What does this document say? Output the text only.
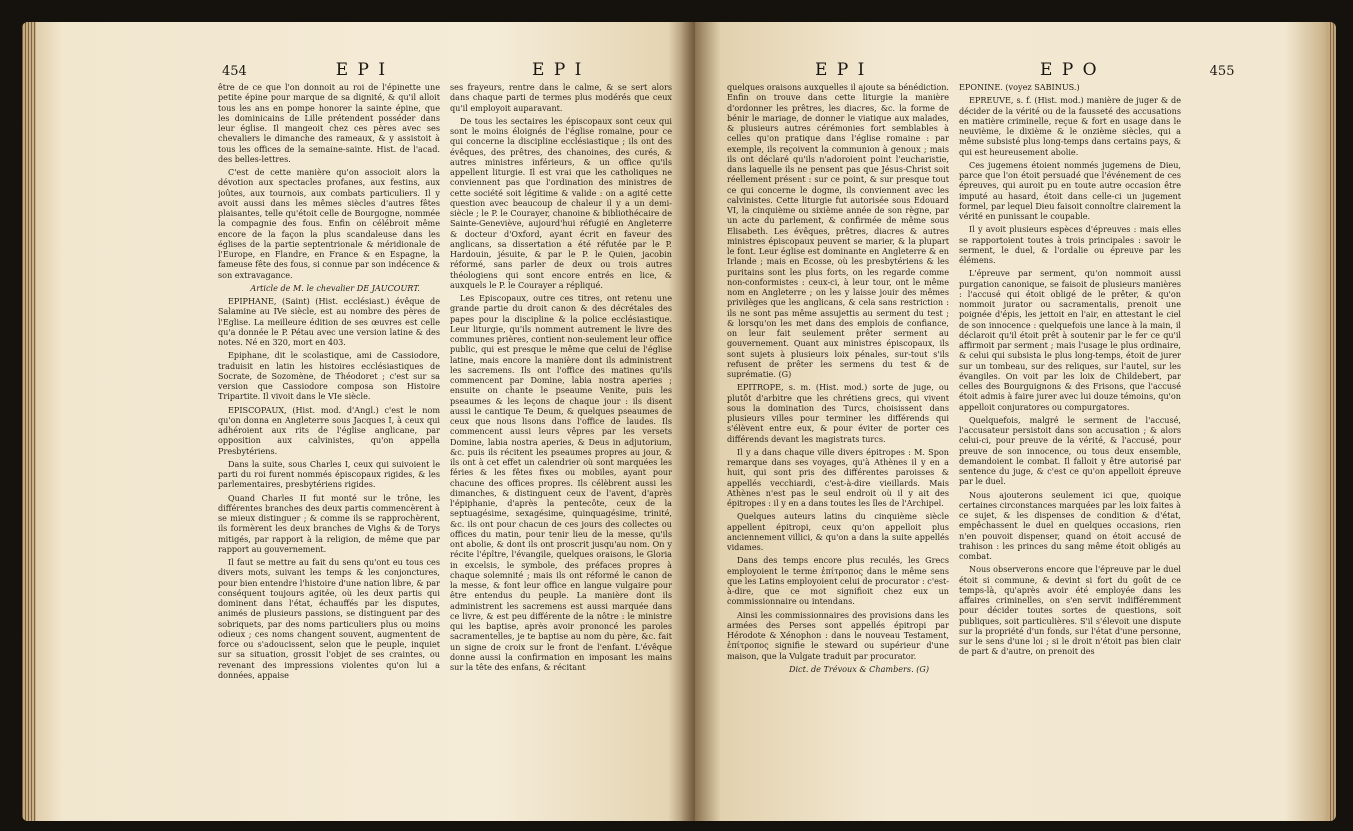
454	E P I	E P I

être de ce que l'on donnoit au roi de l'épinette une petite épine pour marque de sa dignité, & qu'il alloit tous les ans en pompe honorer la sainte épine, que les dominicains de Lille prétendent posséder dans leur église. Il mangeoit chez ces pères avec ses chevaliers le dimanche des rameaux, & y assistoit à tous les offices de la semaine-sainte. Hist. de l'acad. des belles-lettres.

C'est de cette manière qu'on associoit alors la dévotion aux spectacles profanes, aux festins, aux joûtes, aux tournois, aux combats particuliers. Il y avoit aussi dans les mêmes siècles d'autres fêtes plaisantes, telle qu'étoit celle de Bourgogne, nommée la compagnie des fous. Enfin on célébroit même encore de la façon la plus scandaleuse dans les églises de la partie septentrionale & méridionale de l'Europe, en Flandre, en France & en Espagne, la fameuse fête des fous, si connue par son indécence & son extravagance.

Article de M. le chevalier DE JAUCOURT.

EPIPHANE, (Saint) (Hist. ecclésiast.) évêque de Salamine au IVe siècle, est au nombre des pères de l'Eglise. La meilleure édition de ses œuvres est celle qu'a donnée le P. Pétau avec une version latine & des notes. Né en 320, mort en 403.

Epiphane, dit le scolastique, ami de Cassiodore, traduisit en latin les histoires ecclésiastiques de Socrate, de Sozomène, de Théodoret ; c'est sur sa version que Cassiodore composa son Histoire Tripartite. Il vivoit dans le VIe siècle.

EPISCOPAUX, (Hist. mod. d'Angl.) c'est le nom qu'on donna en Angleterre sous Jacques I, à ceux qui adhéroient aux rits de l'église anglicane, par opposition aux calvinistes, qu'on appella Presbytériens.

Dans la suite, sous Charles I, ceux qui suivoient le parti du roi furent nommés épiscopaux rigides, & les parlementaires, presbytériens rigides.

Quand Charles II fut monté sur le trône, les différentes branches des deux partis commencèrent à se mieux distinguer ; & comme ils se rapprochèrent, ils formèrent les deux branches de Vighs & de Torys mitigés, par rapport à la religion, de même que par rapport au gouvernement.

Il faut se mettre au fait du sens qu'ont eu tous ces divers mots, suivant les temps & les conjonctures, pour bien entendre l'histoire d'une nation libre, & par conséquent toujours agitée, où les deux partis qui dominent dans l'état, échauffés par les disputes, animés de plusieurs passions, se distinguent par des sobriquets, par des noms particuliers plus ou moins odieux ; ces noms changent souvent, augmentent de force ou s'adoucissent, selon que le peuple, inquiet sur sa situation, grossit l'objet de ses craintes, ou revenant des impressions violentes qu'on lui a données, appaise

ses frayeurs, rentre dans le calme, & se sert alors dans chaque parti de termes plus modérés que ceux qu'il employoit auparavant.

De tous les sectaires les épiscopaux sont ceux qui sont le moins éloignés de l'église romaine, pour ce qui concerne la discipline ecclésiastique ; ils ont des évêques, des prêtres, des chanoines, des curés, & autres ministres inférieurs, & un office qu'ils appellent liturgie. Il est vrai que les catholiques ne conviennent pas que l'ordination des ministres de cette société soit légitime & valide : on a agité cette question avec beaucoup de chaleur il y a un demi-siècle ; le P. le Courayer, chanoine & bibliothécaire de Sainte-Geneviève, aujourd'hui réfugié en Angleterre & docteur d'Oxford, ayant écrit en faveur des anglicans, sa dissertation a été réfutée par le P. Hardouin, jésuite, & par le P. le Quien, jacobin réformé, sans parler de deux ou trois autres théologiens qui sont encore entrés en lice, & auxquels le P. le Courayer a répliqué.

Les Episcopaux, outre ces titres, ont retenu une grande partie du droit canon & des décrétales des papes pour la discipline & la police ecclésiastique. Leur liturgie, qu'ils nomment autrement le livre des communes prières, contient non-seulement leur office public, qui est presque le même que celui de l'église latine, mais encore la manière dont ils administrent les sacremens. Ils ont l'office des matines qu'ils commencent par Domine, labia nostra aperies ; ensuite on chante le pseaume Venite, puis les pseaumes & les leçons de chaque jour : ils disent aussi le cantique Te Deum, & quelques pseaumes de ceux que nous lisons dans l'office de laudes. Ils commencent aussi leurs vêpres par les versets Domine, labia nostra aperies, & Deus in adjutorium, &c. puis ils récitent les pseaumes propres au jour, & ils ont à cet effet un calendrier où sont marquées les féries & les fêtes fixes ou mobiles, ayant pour chacune des offices propres. Ils célèbrent aussi les dimanches, & distinguent ceux de l'avent, d'après l'épiphanie, d'après la pentecôte, ceux de la septuagésime, sexagésime, quinquagésime, trinité, &c. ils ont pour chacun de ces jours des collectes ou offices du matin, pour tenir lieu de la messe, qu'ils ont abolie, & dont ils ont proscrit jusqu'au nom. On y récite l'épître, l'évangile, quelques oraisons, le Gloria in excelsis, le symbole, des préfaces propres à chaque solemnité ; mais ils ont réformé le canon de la messe, & font leur office en langue vulgaire pour être entendus du peuple. La manière dont ils administrent les sacremens est aussi marquée dans ce livre, & est peu différente de la nôtre : le ministre qui les baptise, après avoir prononcé les paroles sacramentelles, je te baptise au nom du père, &c. fait un signe de croix sur le front de l'enfant. L'évêque donne aussi la confirmation en imposant les mains sur la tête des enfans, & récitant

E P I	E P O	455

quelques oraisons auxquelles il ajoute sa bénédiction. Enfin on trouve dans cette liturgie la manière d'ordonner les prêtres, les diacres, &c. la forme de bénir le mariage, de donner le viatique aux malades, & plusieurs autres cérémonies fort semblables à celles qu'on pratique dans l'église romaine : par exemple, ils reçoivent la communion à genoux ; mais ils ont déclaré qu'ils n'adoroient point l'eucharistie, dans laquelle ils ne pensent pas que Jésus-Christ soit réellement présent : sur ce point, & sur presque tout ce qui concerne le dogme, ils conviennent avec les calvinistes. Cette liturgie fut autorisée sous Edouard VI, la cinquième ou sixième année de son règne, par un acte du parlement, & confirmée de même sous Elisabeth. Les évêques, prêtres, diacres & autres ministres épiscopaux peuvent se marier, & la plupart le font. Leur église est dominante en Angleterre & en Irlande ; mais en Ecosse, où les presbytériens & les puritains sont les plus forts, on les regarde comme non-conformistes : ceux-ci, à leur tour, ont le même nom en Angleterre ; on les y laisse jouir des mêmes privilèges que les anglicans, & cela sans restriction : ils ne sont pas même assujettis au serment du test ; & lorsqu'on les met dans des emplois de confiance, on leur fait seulement prêter serment au gouvernement. Quant aux ministres épiscopaux, ils sont sujets à plusieurs loix pénales, sur-tout s'ils refusent de prêter les sermens du test & de suprématie. (G)

EPITROPE, s. m. (Hist. mod.) sorte de juge, ou plutôt d'arbitre que les chrétiens grecs, qui vivent sous la domination des Turcs, choisissent dans plusieurs villes pour terminer les différends qui s'élèvent entre eux, & pour éviter de porter ces différends devant les magistrats turcs.

Il y a dans chaque ville divers épitropes : M. Spon remarque dans ses voyages, qu'à Athènes il y en a huit, qui sont pris des différentes paroisses & appellés vecchiardi, c'est-à-dire vieillards. Mais Athènes n'est pas le seul endroit où il y ait des épitropes : il y en a dans toutes les îles de l'Archipel.

Quelques auteurs latins du cinquième siècle appellent épitropi, ceux qu'on appelloit plus anciennement villici, & qu'on a dans la suite appellés vidames.

Dans des temps encore plus reculés, les Grecs employoient le terme ἐπίτροπος dans le même sens que les Latins employoient celui de procurator : c'est-à-dire, que ce mot signifioit chez eux un commissionnaire ou intendans.

Ainsi les commissionnaires des provisions dans les armées des Perses sont appellés épitropi par Hérodote & Xénophon : dans le nouveau Testament, ἐπίτροπος signifie le steward ou supérieur d'une maison, que la Vulgate traduit par procurator.

Dict. de Trévoux & Chambers. (G)

EPONINE. (voyez SABINUS.)

EPREUVE, s. f. (Hist. mod.) manière de juger & de décider de la vérité ou de la fausseté des accusations en matière criminelle, reçue & fort en usage dans le neuvième, le dixième & le onzième siècles, qui a même subsisté plus long-temps dans certains pays, & qui est heureusement abolie.

Ces jugemens étoient nommés jugemens de Dieu, parce que l'on étoit persuadé que l'événement de ces épreuves, qui auroit pu en toute autre occasion être imputé au hasard, étoit dans celle-ci un jugement formel, par lequel Dieu faisoit connoître clairement la vérité en punissant le coupable.

Il y avoit plusieurs espèces d'épreuves : mais elles se rapportoient toutes à trois principales : savoir le serment, le duel, & l'ordalie ou épreuve par les élémens.

L'épreuve par serment, qu'on nommoit aussi purgation canonique, se faisoit de plusieurs manières : l'accusé qui étoit obligé de le prêter, & qu'on nommoit jurator ou sacramentalis, prenoit une poignée d'épis, les jettoit en l'air, en attestant le ciel de son innocence : quelquefois une lance à la main, il déclaroit qu'il étoit prêt à soutenir par le fer ce qu'il affirmoit par serment ; mais l'usage le plus ordinaire, & celui qui subsista le plus long-temps, étoit de jurer sur un tombeau, sur des reliques, sur l'autel, sur les évangiles. On voit par les loix de Childebert, par celles des Bourguignons & des Frisons, que l'accusé étoit admis à faire jurer avec lui douze témoins, qu'on appelloit conjuratores ou compurgatores.

Quelquefois, malgré le serment de l'accusé, l'accusateur persistoit dans son accusation ; & alors celui-ci, pour preuve de la vérité, & l'accusé, pour preuve de son innocence, ou tous deux ensemble, demandoient le combat. Il falloit y être autorisé par sentence du juge, & c'est ce qu'on appelloit épreuve par le duel.

Nous ajouterons seulement ici que, quoique certaines circonstances marquées par les loix faites à ce sujet, & les dispenses de condition & d'état, empêchassent le duel en quelques occasions, rien n'en pouvoit dispenser, quand on étoit accusé de trahison : les princes du sang même étoit obligés au combat.

Nous observerons encore que l'épreuve par le duel étoit si commune, & devint si fort du goût de ce temps-là, qu'après avoir été employée dans les affaires criminelles, on s'en servit indifféremment pour décider toutes sortes de questions, soit publiques, soit particulières. S'il s'élevoit une dispute sur la propriété d'un fonds, sur l'état d'une personne, sur le sens d'une loi ; si le droit n'étoit pas bien clair de part & d'autre, on prenoit des
